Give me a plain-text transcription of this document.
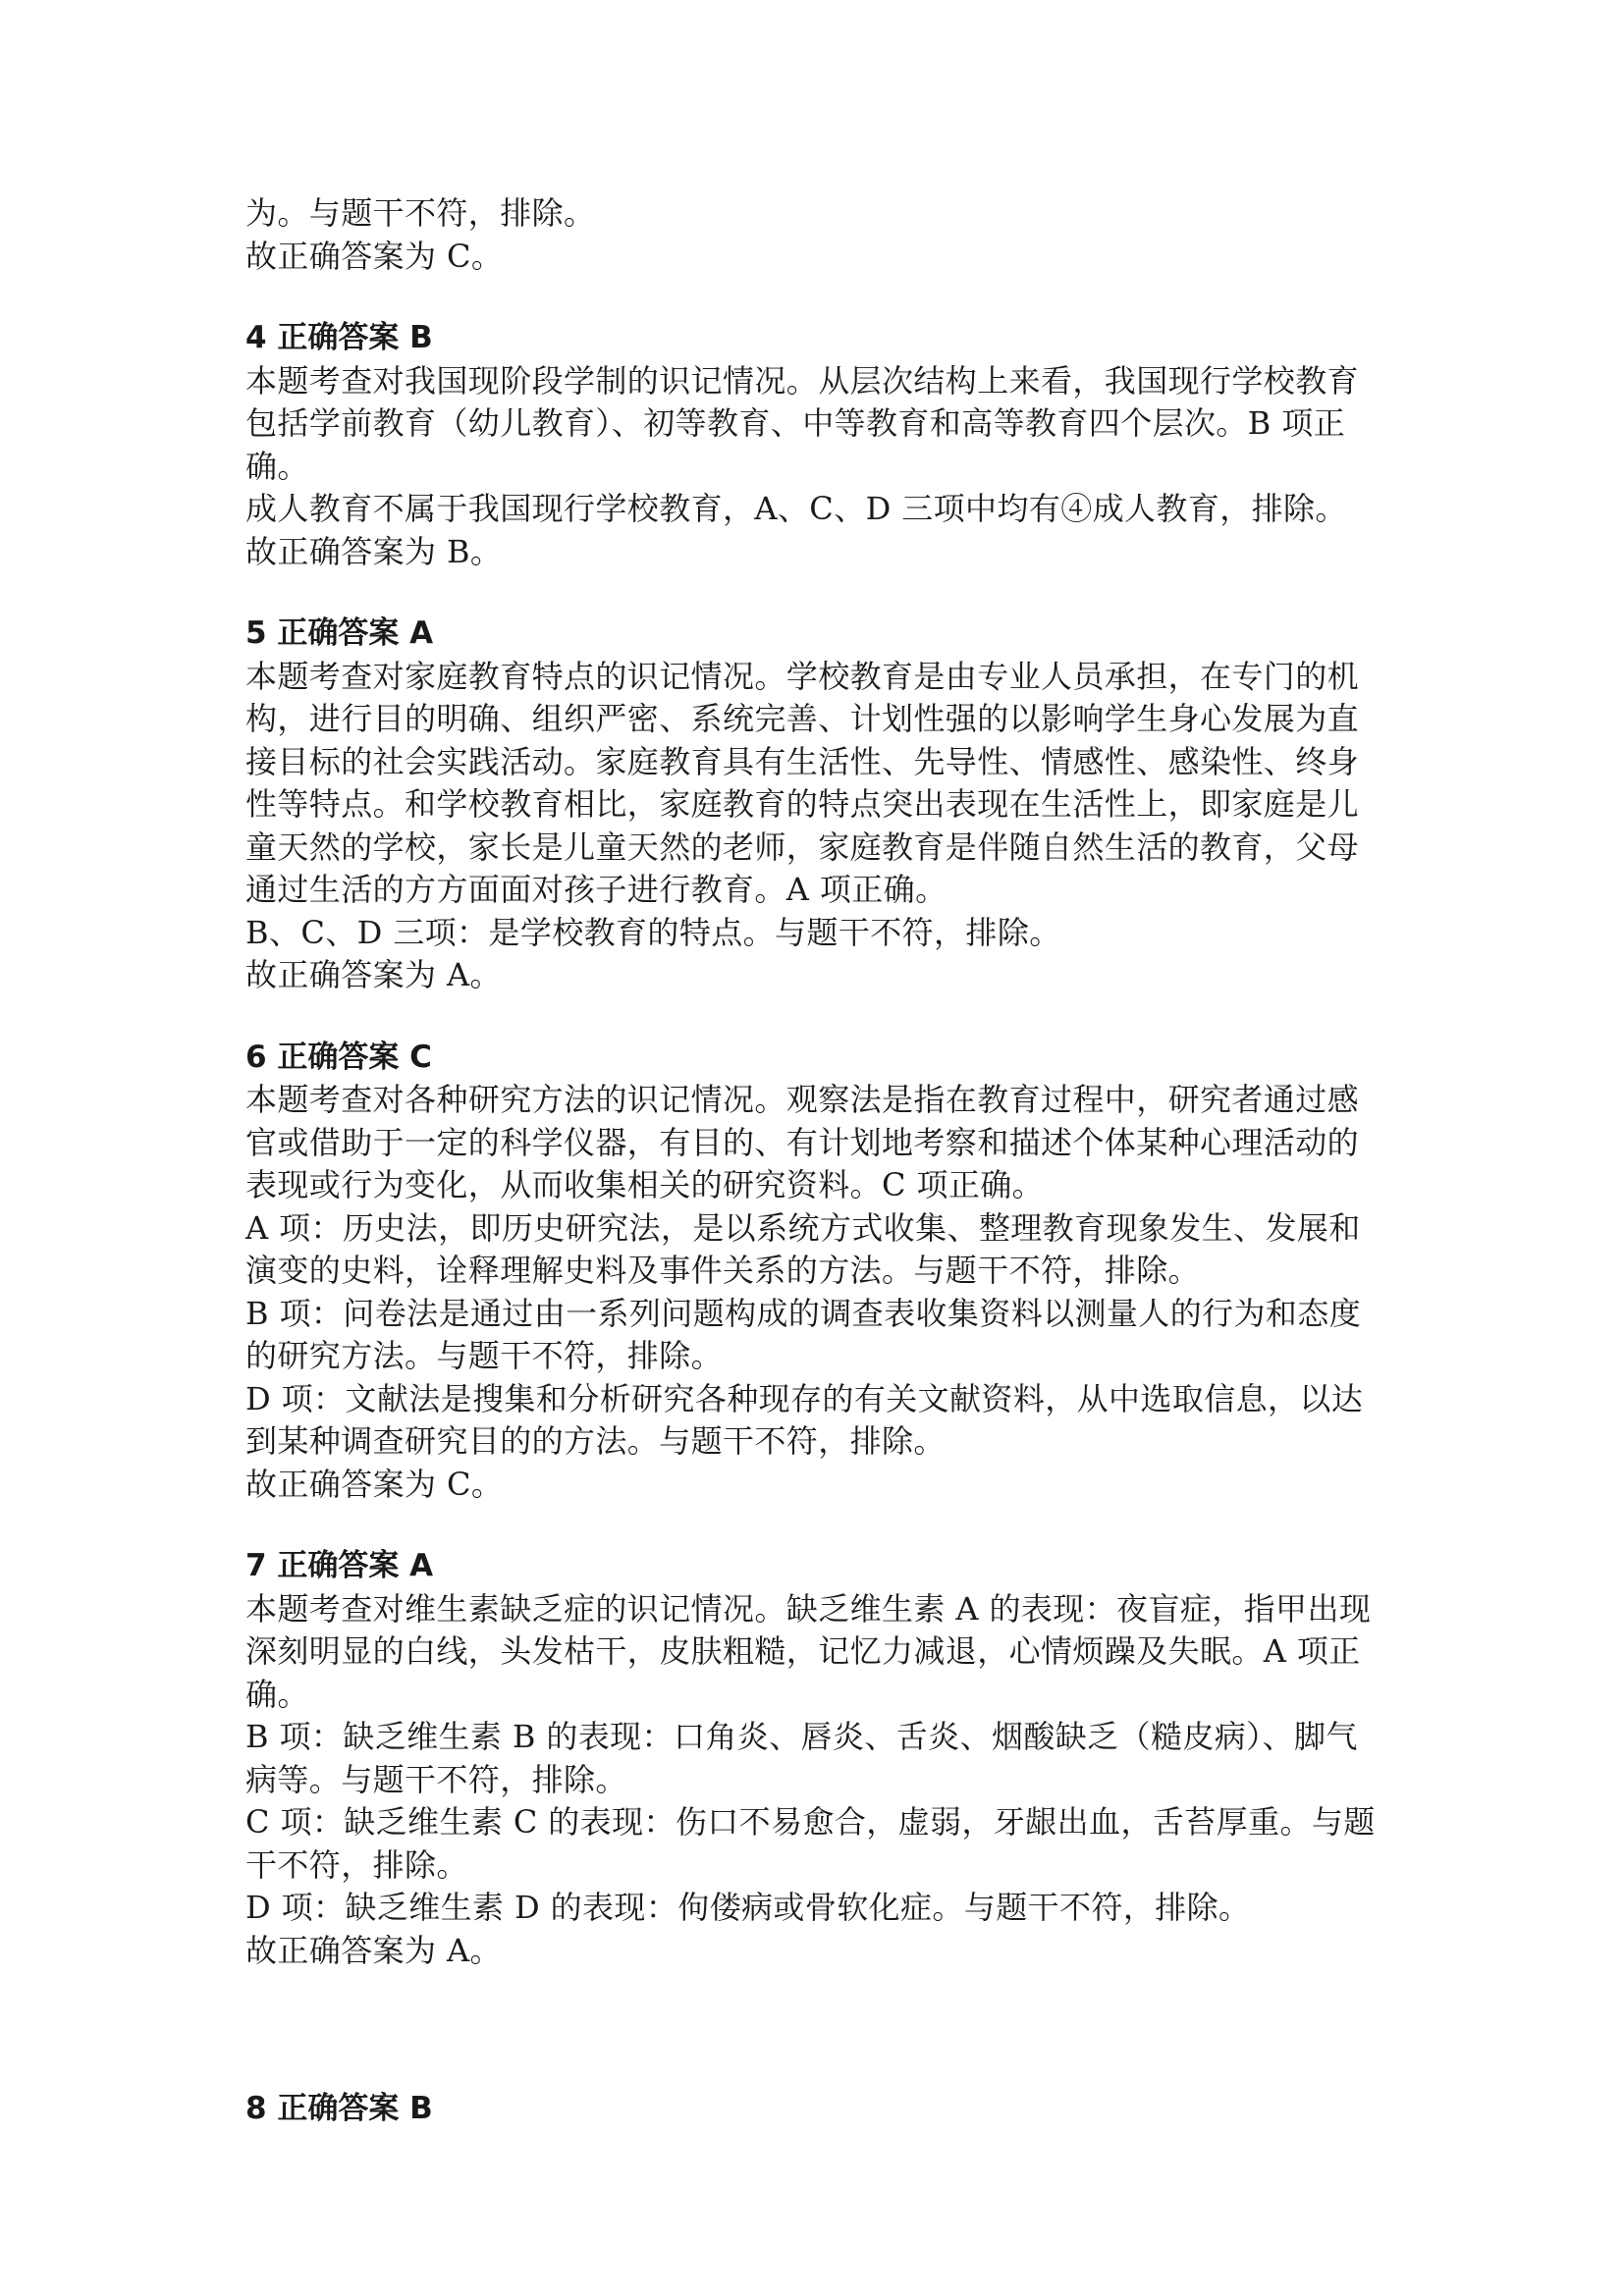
为。与题干不符，排除。
故正确答案为 C。
4 正确答案 B
本题考查对我国现阶段学制的识记情况。从层次结构上来看，我国现行学校教育
包括学前教育（幼儿教育）、初等教育、中等教育和高等教育四个层次。B 项正
确。
成人教育不属于我国现行学校教育，A、C、D 三项中均有④成人教育，排除。
故正确答案为 B。
5 正确答案 A
本题考查对家庭教育特点的识记情况。学校教育是由专业人员承担，在专门的机
构，进行目的明确、组织严密、系统完善、计划性强的以影响学生身心发展为直
接目标的社会实践活动。家庭教育具有生活性、先导性、情感性、感染性、终身
性等特点。和学校教育相比，家庭教育的特点突出表现在生活性上，即家庭是儿
童天然的学校，家长是儿童天然的老师，家庭教育是伴随自然生活的教育，父母
通过生活的方方面面对孩子进行教育。A 项正确。
B、C、D 三项：是学校教育的特点。与题干不符，排除。
故正确答案为 A。
6 正确答案 C
本题考查对各种研究方法的识记情况。观察法是指在教育过程中，研究者通过感
官或借助于一定的科学仪器，有目的、有计划地考察和描述个体某种心理活动的
表现或行为变化，从而收集相关的研究资料。C 项正确。
A 项：历史法，即历史研究法，是以系统方式收集、整理教育现象发生、发展和
演变的史料，诠释理解史料及事件关系的方法。与题干不符，排除。
B 项：问卷法是通过由一系列问题构成的调查表收集资料以测量人的行为和态度
的研究方法。与题干不符，排除。
D 项：文献法是搜集和分析研究各种现存的有关文献资料，从中选取信息，以达
到某种调查研究目的的方法。与题干不符，排除。
故正确答案为 C。
7 正确答案 A
本题考查对维生素缺乏症的识记情况。缺乏维生素 A 的表现：夜盲症，指甲出现
深刻明显的白线，头发枯干，皮肤粗糙，记忆力减退，心情烦躁及失眠。A 项正
确。
B 项：缺乏维生素 B 的表现：口角炎、唇炎、舌炎、烟酸缺乏（糙皮病）、脚气
病等。与题干不符，排除。
C 项：缺乏维生素 C 的表现：伤口不易愈合，虚弱，牙龈出血，舌苔厚重。与题
干不符，排除。
D 项：缺乏维生素 D 的表现：佝偻病或骨软化症。与题干不符，排除。
故正确答案为 A。
8 正确答案 B
